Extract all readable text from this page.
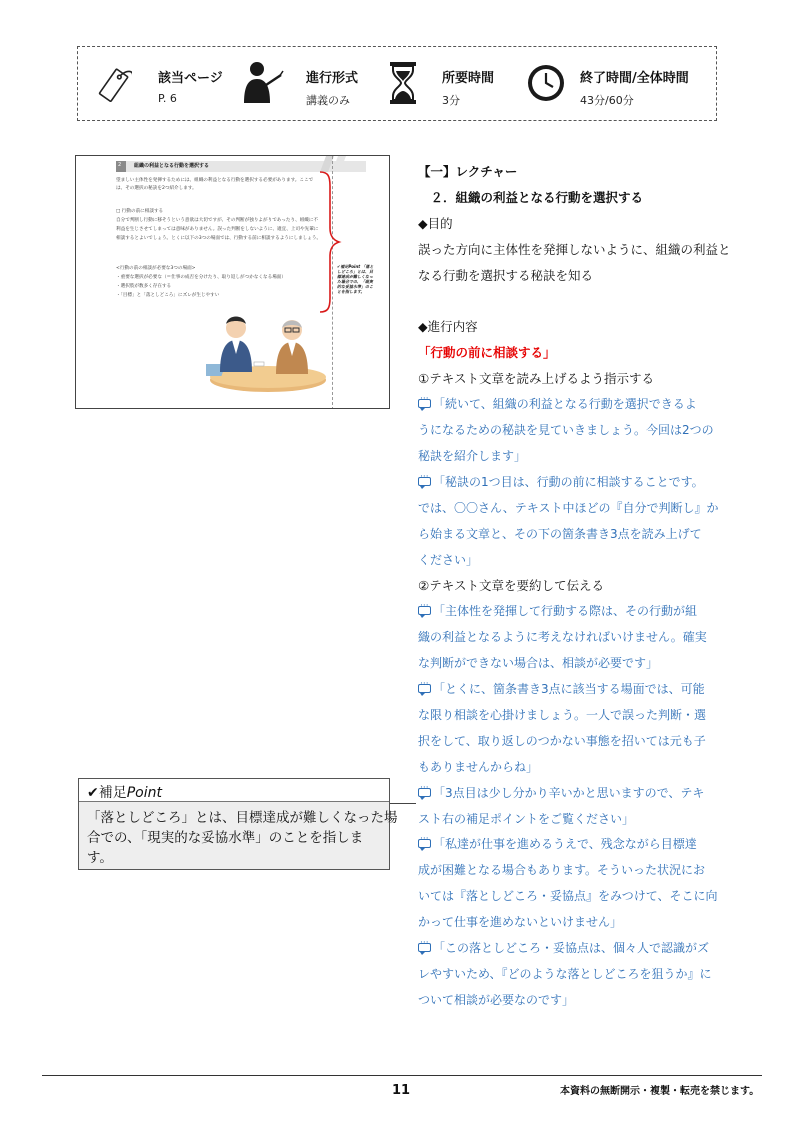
該当ページ
P. 6
進行形式
講義のみ
所要時間
3分
終了時間/全体時間
43分/60分
2	組織の利益となる行動を選択する
望ましい主体性を発揮するためには、組織の利益となる行動を選択する必要があります。ここで
は、その選択の秘訣を2つ紹介します。
□ 行動の前に相談する
自分で判断し行動に移そうという意欲は大切ですが、その判断が独りよがりであったり、組織に不
利益を生じさせてしまっては意味がありません。誤った判断をしないように、適宜、上司や先輩に
相談するとよいでしょう。とくに以下の3つの場面では、行動する前に相談するようにしましょう。
<行動の前の相談が必要な3つの場面>
・重要な選択が必要な（＝仕事の成否を分けたり、取り返しがつかなくなる場面）
・選択肢が数多く存在する
・「目標」と「落としどころ」にズレが生じやすい
✔補足Point 「落としどころ」とは、目標達成が難しくなった場合での、「現実的な妥協水準」のことを指します。
【一】レクチャー
　２．組織の利益となる行動を選択する
◆目的
誤った方向に主体性を発揮しないように、組織の利益と
なる行動を選択する秘訣を知る
◆進行内容
「行動の前に相談する」
①テキスト文章を読み上げるよう指示する
···「続いて、組織の利益となる行動を選択できるよ
うになるための秘訣を見ていきましょう。今回は2つの
秘訣を紹介します」
···「秘訣の1つ目は、行動の前に相談することです。
では、〇〇さん、テキスト中ほどの『自分で判断し』か
ら始まる文章と、その下の箇条書き3点を読み上げて
ください」
②テキスト文章を要約して伝える
···「主体性を発揮して行動する際は、その行動が組
織の利益となるように考えなければいけません。確実
な判断ができない場合は、相談が必要です」
···「とくに、箇条書き3点に該当する場面では、可能
な限り相談を心掛けましょう。一人で誤った判断・選
択をして、取り返しのつかない事態を招いては元も子
もありませんからね」
···「3点目は少し分かり辛いかと思いますので、テキ
スト右の補足ポイントをご覧ください」
···「私達が仕事を進めるうえで、残念ながら目標達
成が困難となる場合もあります。そういった状況にお
いては『落としどころ・妥協点』をみつけて、そこに向
かって仕事を進めないといけません」
···「この落としどころ・妥協点は、個々人で認識がズ
レやすいため、『どのような落としどころを狙うか』に
ついて相談が必要なのです」
✔補足Point
「落としどころ」とは、目標達成が難しくなった場
合での、「現実的な妥協水準」のことを指しま
す。
11	本資料の無断開示・複製・転売を禁じます。
